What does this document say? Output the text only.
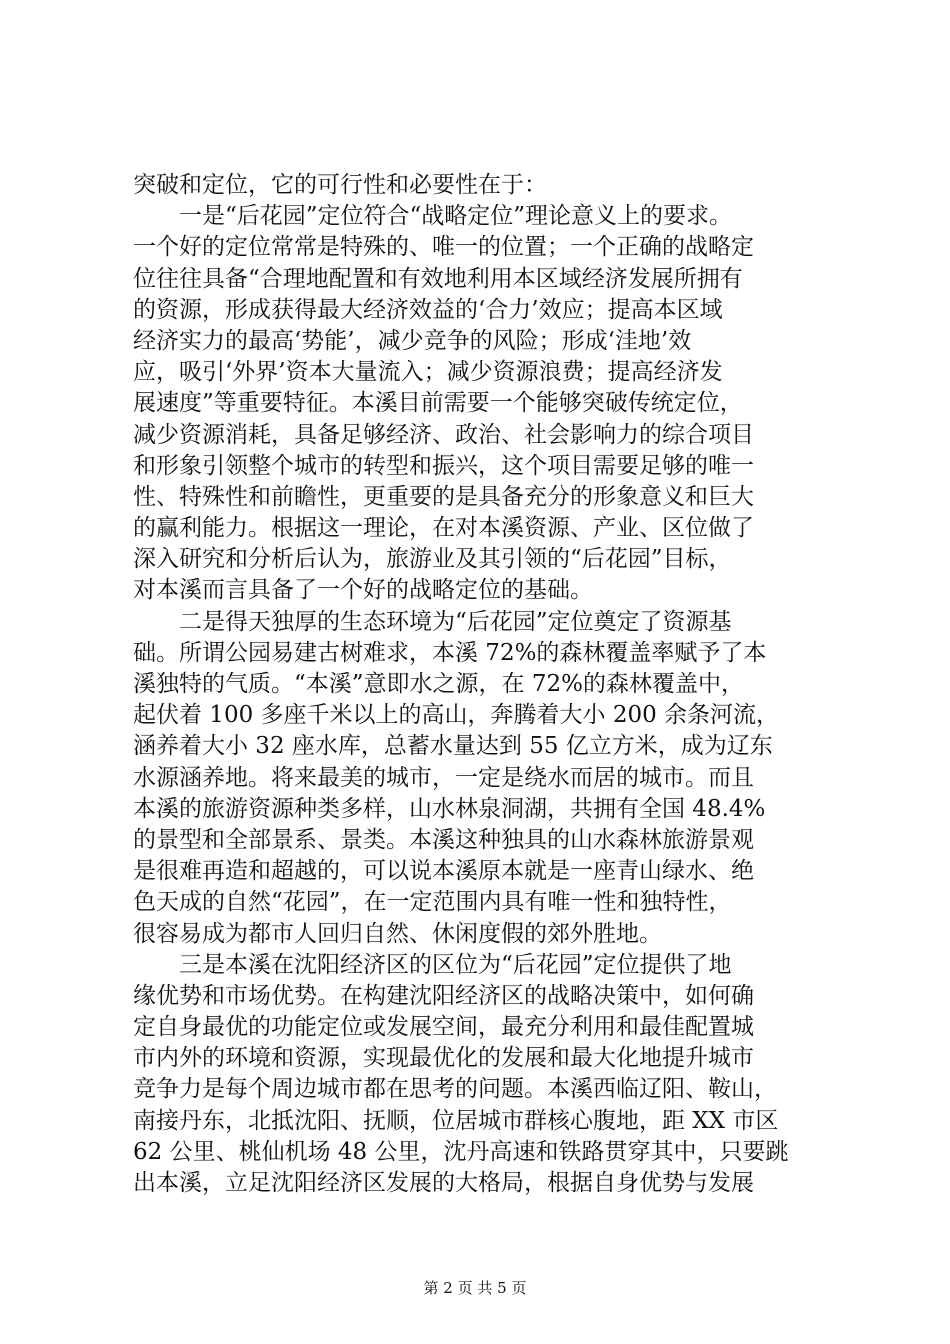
突破和定位，它的可行性和必要性在于：
一是“后花园”定位符合“战略定位”理论意义上的要求。
一个好的定位常常是特殊的、唯一的位置；一个正确的战略定
位往往具备“合理地配置和有效地利用本区域经济发展所拥有
的资源，形成获得最大经济效益的‘合力’效应；提高本区域
经济实力的最高‘势能’，减少竞争的风险；形成‘洼地’效
应，吸引‘外界’资本大量流入；减少资源浪费；提高经济发
展速度”等重要特征。本溪目前需要一个能够突破传统定位，
减少资源消耗，具备足够经济、政治、社会影响力的综合项目
和形象引领整个城市的转型和振兴，这个项目需要足够的唯一
性、特殊性和前瞻性，更重要的是具备充分的形象意义和巨大
的赢利能力。根据这一理论，在对本溪资源、产业、区位做了
深入研究和分析后认为，旅游业及其引领的“后花园”目标，
对本溪而言具备了一个好的战略定位的基础。
二是得天独厚的生态环境为“后花园”定位奠定了资源基
础。所谓公园易建古树难求，本溪 72%的森林覆盖率赋予了本
溪独特的气质。“本溪”意即水之源，在 72%的森林覆盖中，
起伏着 100 多座千米以上的高山，奔腾着大小 200 余条河流，
涵养着大小 32 座水库，总蓄水量达到 55 亿立方米，成为辽东
水源涵养地。将来最美的城市，一定是绕水而居的城市。而且
本溪的旅游资源种类多样，山水林泉洞湖，共拥有全国 48.4%
的景型和全部景系、景类。本溪这种独具的山水森林旅游景观
是很难再造和超越的，可以说本溪原本就是一座青山绿水、绝
色天成的自然“花园”，在一定范围内具有唯一性和独特性，
很容易成为都市人回归自然、休闲度假的郊外胜地。
三是本溪在沈阳经济区的区位为“后花园”定位提供了地
缘优势和市场优势。在构建沈阳经济区的战略决策中，如何确
定自身最优的功能定位或发展空间，最充分利用和最佳配置城
市内外的环境和资源，实现最优化的发展和最大化地提升城市
竞争力是每个周边城市都在思考的问题。本溪西临辽阳、鞍山，
南接丹东，北抵沈阳、抚顺，位居城市群核心腹地，距 XX 市区
62 公里、桃仙机场 48 公里，沈丹高速和铁路贯穿其中，只要跳
出本溪，立足沈阳经济区发展的大格局，根据自身优势与发展
第 2 页 共 5 页
